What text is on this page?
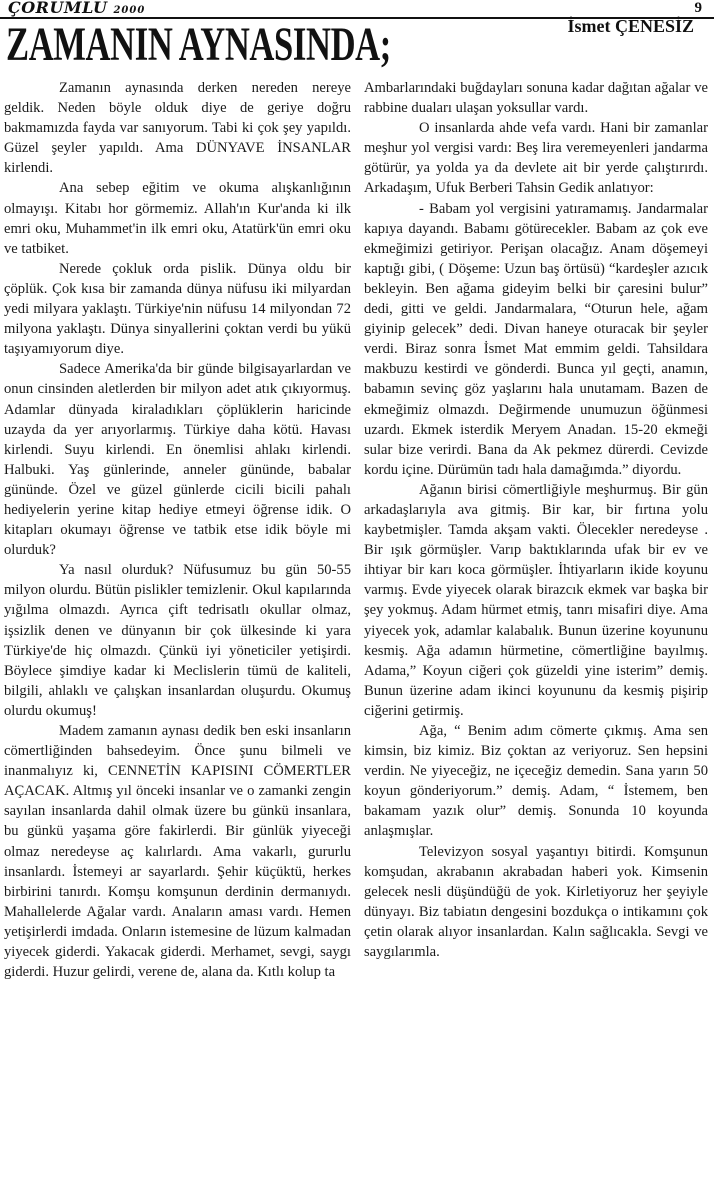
ÇORUMLU 2000	9
ZAMANIN AYNASINDA;	İsmet ÇENESİZ

Zamanın aynasında derken nereden nereye geldik. Neden böyle olduk diye de geriye doğru bakmamızda fayda var sanıyorum. Tabi ki çok şey yapıldı. Güzel şeyler yapıldı. Ama DÜNYAVE İNSANLAR kirlendi.

Ana sebep eğitim ve okuma alışkanlığının olmayışı. Kitabı hor görmemiz. Allah'ın Kur'anda ki ilk emri oku, Muhammet'in ilk emri oku, Atatürk'ün emri oku ve tatbiket.

Nerede çokluk orda pislik. Dünya oldu bir çöplük. Çok kısa bir zamanda dünya nüfusu iki milyardan yedi milyara yaklaştı. Türkiye'nin nüfusu 14 milyondan 72 milyona yaklaştı. Dünya sinyallerini çoktan verdi bu yükü taşıyamıyorum diye.

Sadece Amerika'da bir günde bilgisayarlardan ve onun cinsinden aletlerden bir milyon adet atık çıkıyormuş. Adamlar dünyada kiraladıkları çöplüklerin haricinde uzayda da yer arıyorlarmış. Türkiye daha kötü. Havası kirlendi. Suyu kirlendi. En önemlisi ahlakı kirlendi. Halbuki. Yaş günlerinde, anneler gününde, babalar gününde. Özel ve güzel günlerde cicili bicili pahalı hediyelerin yerine kitap hediye etmeyi öğrense idik. O kitapları okumayı öğrense ve tatbik etse idik böyle mi olurduk?

Ya nasıl olurduk? Nüfusumuz bu gün 50-55 milyon olurdu. Bütün pislikler temizlenir. Okul kapılarında yığılma olmazdı. Ayrıca çift tedrisatlı okullar olmaz, işsizlik denen ve dünyanın bir çok ülkesinde ki yara Türkiye'de hiç olmazdı. Çünkü iyi yöneticiler yetişirdi. Böylece şimdiye kadar ki Meclislerin tümü de kaliteli, bilgili, ahlaklı ve çalışkan insanlardan oluşurdu. Okumuş olurdu okumuş!

Madem zamanın aynası dedik ben eski insanların cömertliğinden bahsedeyim. Önce şunu bilmeli ve inanmalıyız ki, CENNETİN KAPISINI CÖMERTLER AÇACAK. Altmış yıl önceki insanlar ve o zamanki zengin sayılan insanlarda dahil olmak üzere bu günkü insanlara, bu günkü yaşama göre fakirlerdi. Bir günlük yiyeceği olmaz neredeyse aç kalırlardı. Ama vakarlı, gururlu insanlardı. İstemeyi ar sayarlardı. Şehir küçüktü, herkes birbirini tanırdı. Komşu komşunun derdinin dermanıydı. Mahallelerde Ağalar vardı. Anaların aması vardı. Hemen yetişirlerdi imdada. Onların istemesine de lüzum kalmadan yiyecek giderdi. Yakacak giderdi. Merhamet, sevgi, saygı giderdi. Huzur gelirdi, verene de, alana da. Kıtlı kolup ta

Ambarlarındaki buğdayları sonuna kadar dağıtan ağalar ve rabbine duaları ulaşan yoksullar vardı.

O insanlarda ahde vefa vardı. Hani bir zamanlar meşhur yol vergisi vardı: Beş lira veremeyenleri jandarma götürür, ya yolda ya da devlete ait bir yerde çalıştırırdı. Arkadaşım, Ufuk Berberi Tahsin Gedik anlatıyor:

- Babam yol vergisini yatıramamış. Jandarmalar kapıya dayandı. Babamı götürecekler. Babam az çok eve ekmeğimizi getiriyor. Perişan olacağız. Anam döşemeyi kaptığı gibi, ( Döşeme: Uzun baş örtüsü) “kardeşler azıcık bekleyin. Ben ağama gideyim belki bir çaresini bulur” dedi, gitti ve geldi. Jandarmalara, “Oturun hele, ağam giyinip gelecek” dedi. Divan haneye oturacak bir şeyler verdi. Biraz sonra İsmet Mat emmim geldi. Tahsildara makbuzu kestirdi ve gönderdi. Bunca yıl geçti, anamın, babamın sevinç göz yaşlarını hala unutamam. Bazen de ekmeğimiz olmazdı. Değirmende unumuzun öğünmesi uzardı. Ekmek isterdik Meryem Anadan. 15-20 ekmeği sular bize verirdi. Bana da Ak pekmez dürerdi. Cevizde kordu içine. Dürümün tadı hala damağımda.” diyordu.

Ağanın birisi cömertliğiyle meşhurmuş. Bir gün arkadaşlarıyla ava gitmiş. Bir kar, bir fırtına yolu kaybetmişler. Tamda akşam vakti. Ölecekler neredeyse . Bir ışık görmüşler. Varıp baktıklarında ufak bir ev ve ihtiyar bir karı koca görmüşler. İhtiyarların ikide koyunu varmış. Evde yiyecek olarak birazcık ekmek var başka bir şey yokmuş. Adam hürmet etmiş, tanrı misafiri diye. Ama yiyecek yok, adamlar kalabalık. Bunun üzerine koyununu kesmiş. Ağa adamın hürmetine, cömertliğine bayılmış. Adama,” Koyun ciğeri çok güzeldi yine isterim” demiş. Bunun üzerine adam ikinci koyununu da kesmiş pişirip ciğerini getirmiş.

Ağa, “ Benim adım cömerte çıkmış. Ama sen kimsin, biz kimiz. Biz çoktan az veriyoruz. Sen hepsini verdin. Ne yiyeceğiz, ne içeceğiz demedin. Sana yarın 50 koyun gönderiyorum.” demiş. Adam, “ İstemem, ben bakamam yazık olur” demiş. Sonunda 10 koyunda anlaşmışlar.

Televizyon sosyal yaşantıyı bitirdi. Komşunun komşudan, akrabanın akrabadan haberi yok. Kimsenin gelecek nesli düşündüğü de yok. Kirletiyoruz her şeyiyle dünyayı. Biz tabiatın dengesini bozdukça o intikamını çok çetin olarak alıyor insanlardan. Kalın sağlıcakla. Sevgi ve saygılarımla.
